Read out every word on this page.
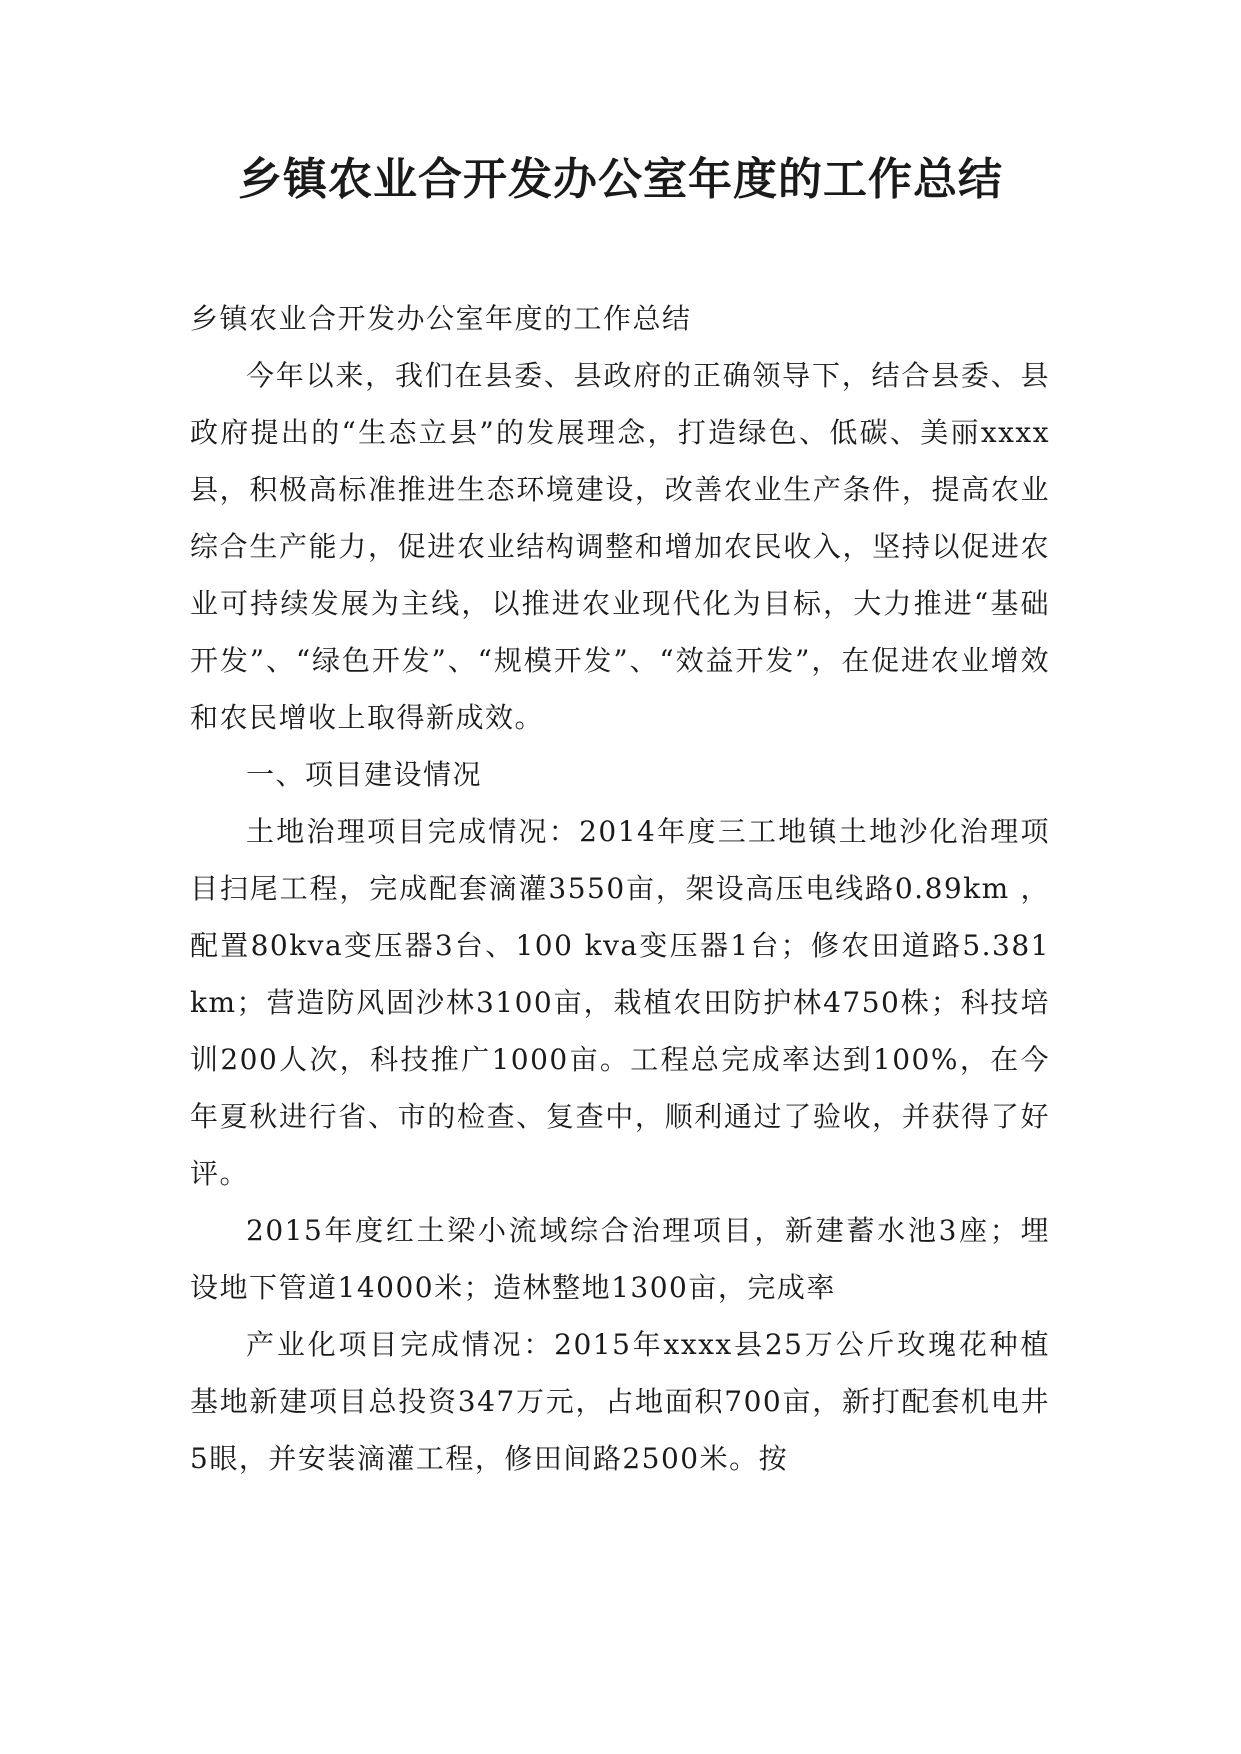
乡镇农业合开发办公室年度的工作总结

乡镇农业合开发办公室年度的工作总结

今年以来，我们在县委、县政府的正确领导下，结合县委、县政府提出的“生态立县”的发展理念，打造绿色、低碳、美丽xxxx县，积极高标准推进生态环境建设，改善农业生产条件，提高农业综合生产能力，促进农业结构调整和增加农民收入，坚持以促进农业可持续发展为主线，以推进农业现代化为目标，大力推进“基础开发”、“绿色开发”、“规模开发”、“效益开发”，在促进农业增效和农民增收上取得新成效。

一、项目建设情况

土地治理项目完成情况：2014年度三工地镇土地沙化治理项目扫尾工程，完成配套滴灌3550亩，架设高压电线路0.89km ，配置80kva变压器3台、100 kva变压器1台；修农田道路5.381 km；营造防风固沙林3100亩，栽植农田防护林4750株；科技培训200人次，科技推广1000亩。工程总完成率达到100%，在今年夏秋进行省、市的检查、复查中，顺利通过了验收，并获得了好评。

2015年度红土梁小流域综合治理项目，新建蓄水池3座；埋设地下管道14000米；造林整地1300亩，完成率

产业化项目完成情况：2015年xxxx县25万公斤玫瑰花种植基地新建项目总投资347万元，占地面积700亩，新打配套机电井5眼，并安装滴灌工程，修田间路2500米。按
